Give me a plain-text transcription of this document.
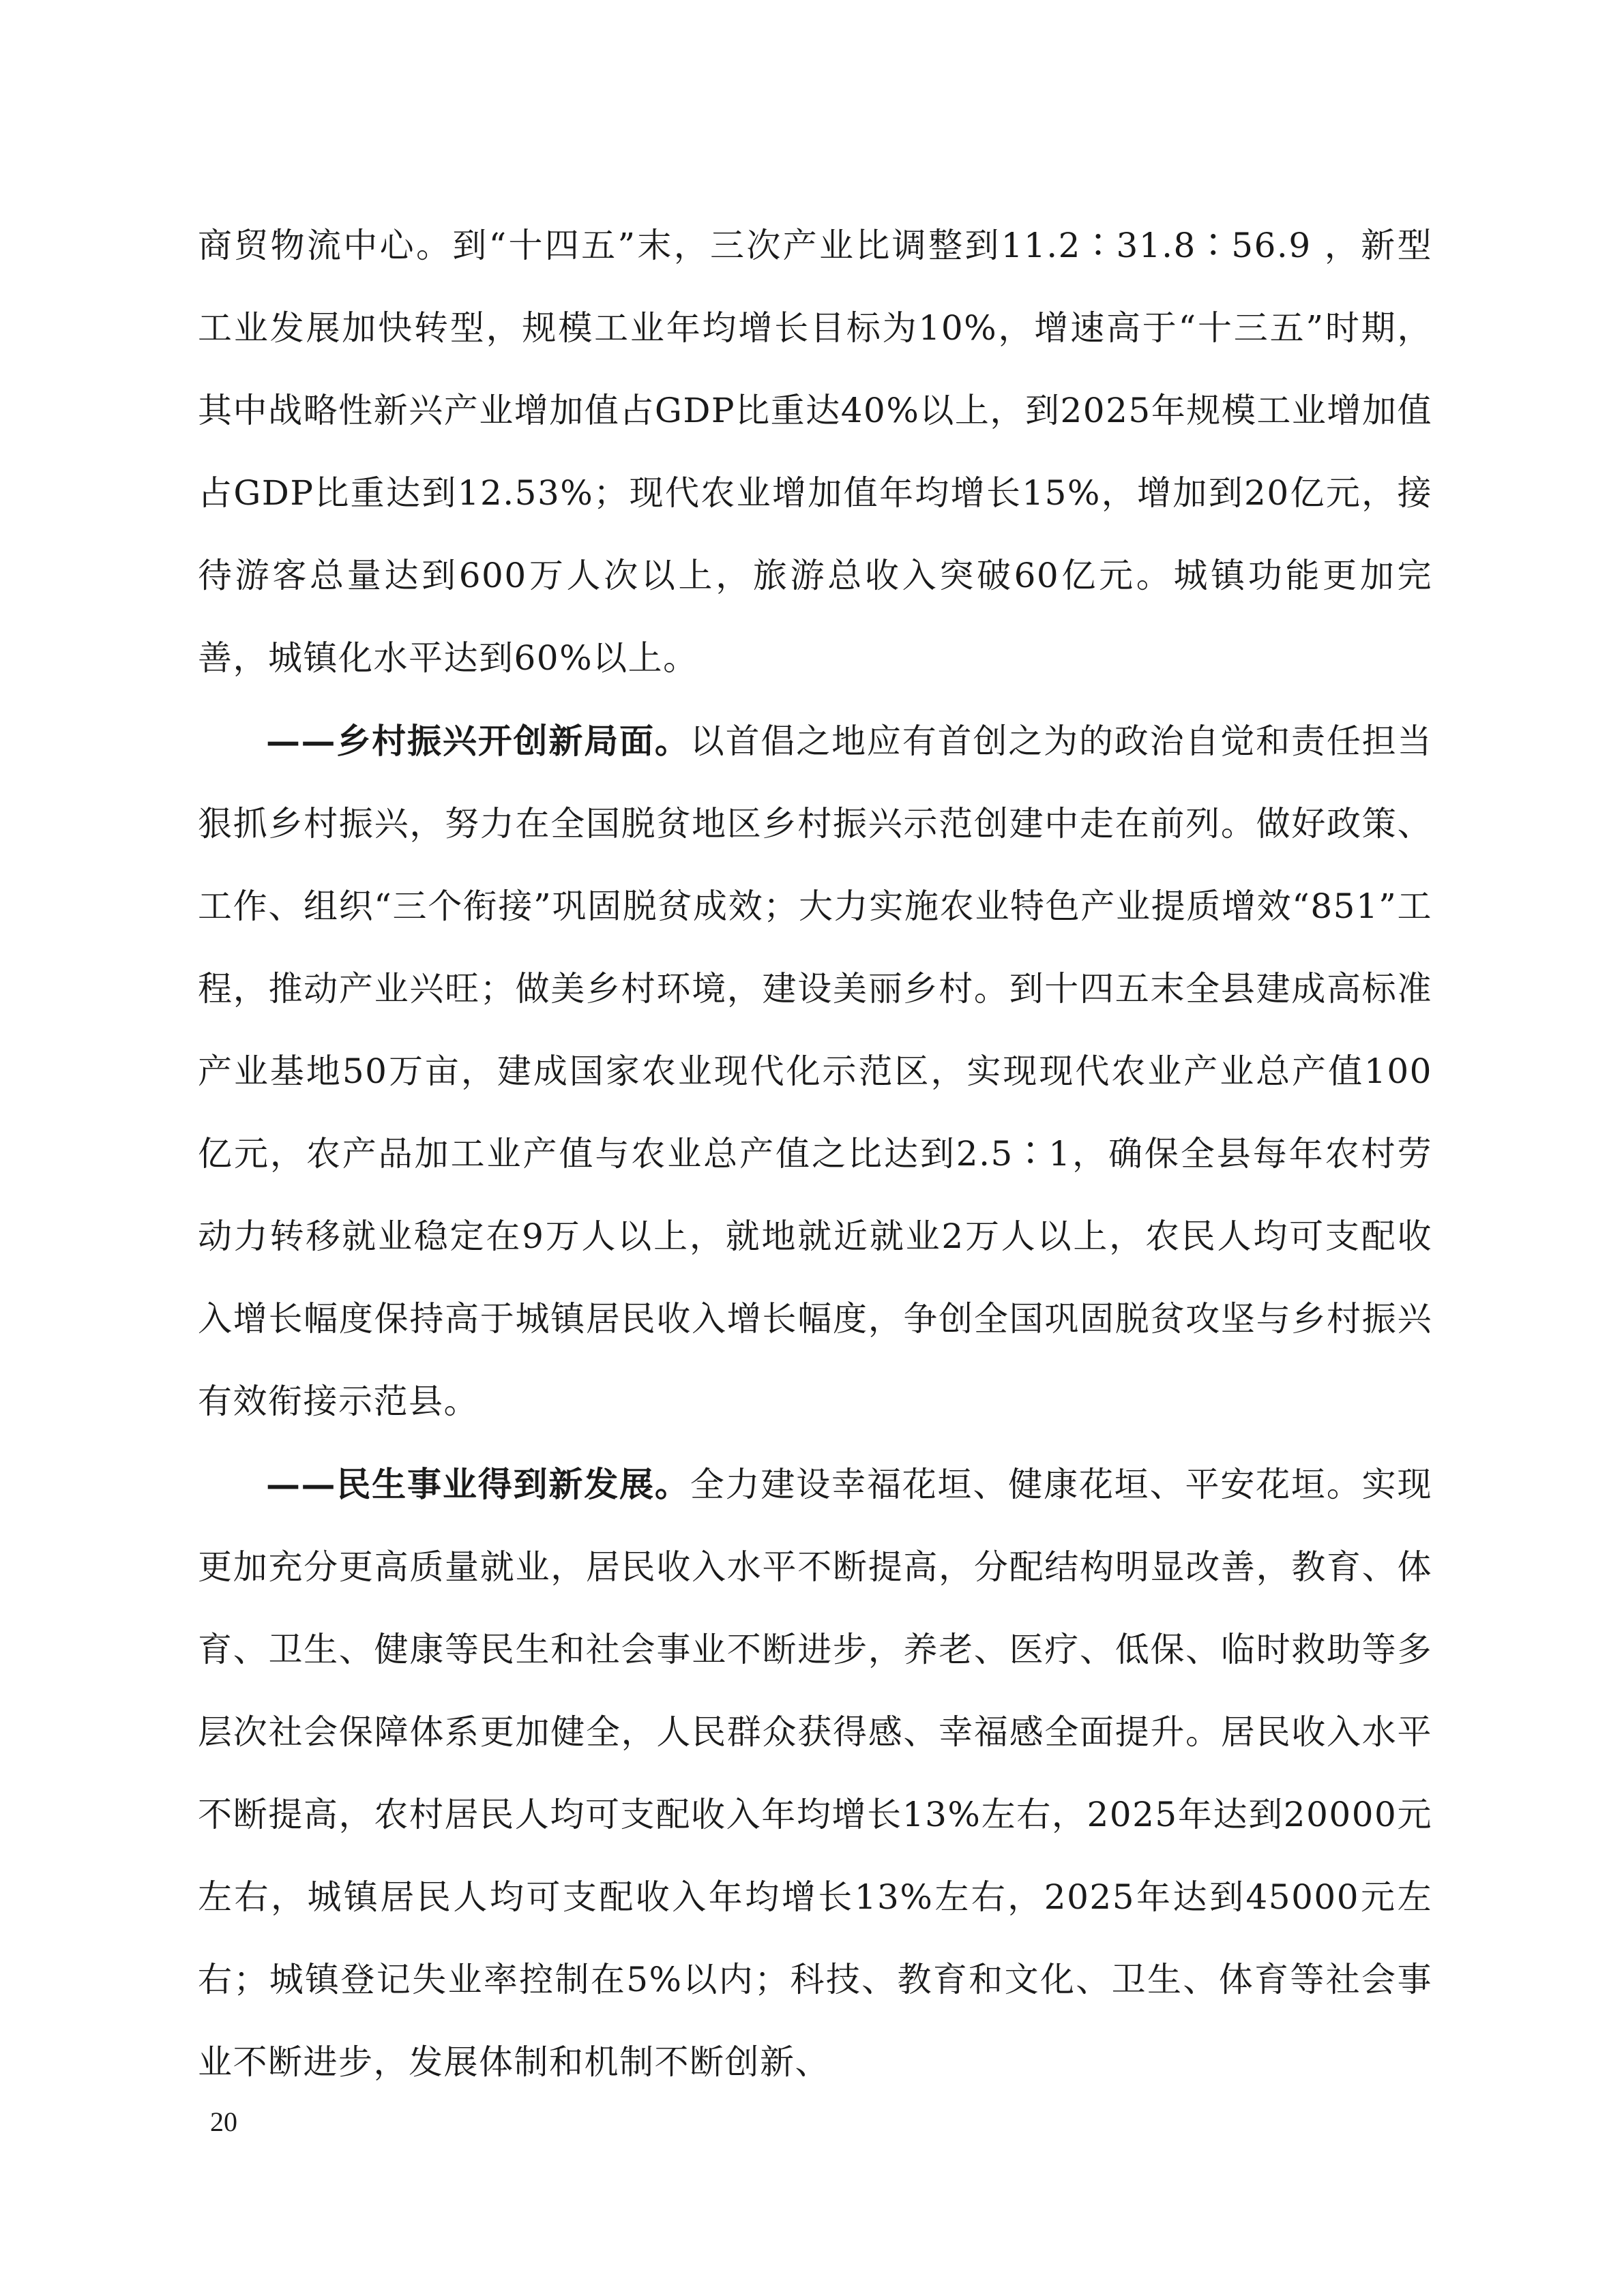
商贸物流中心。到“十四五”末，三次产业比调整到11.2∶31.8∶56.9 ，新型工业发展加快转型，规模工业年均增长目标为10%，增速高于“十三五”时期，其中战略性新兴产业增加值占GDP比重达40%以上，到2025年规模工业增加值占GDP比重达到12.53%；现代农业增加值年均增长15%，增加到20亿元，接待游客总量达到600万人次以上，旅游总收入突破60亿元。城镇功能更加完善，城镇化水平达到60%以上。

——乡村振兴开创新局面。以首倡之地应有首创之为的政治自觉和责任担当狠抓乡村振兴，努力在全国脱贫地区乡村振兴示范创建中走在前列。做好政策、工作、组织“三个衔接”巩固脱贫成效；大力实施农业特色产业提质增效“851”工程，推动产业兴旺；做美乡村环境，建设美丽乡村。到十四五末全县建成高标准产业基地50万亩，建成国家农业现代化示范区，实现现代农业产业总产值100亿元，农产品加工业产值与农业总产值之比达到2.5∶1，确保全县每年农村劳动力转移就业稳定在9万人以上，就地就近就业2万人以上，农民人均可支配收入增长幅度保持高于城镇居民收入增长幅度，争创全国巩固脱贫攻坚与乡村振兴有效衔接示范县。

——民生事业得到新发展。全力建设幸福花垣、健康花垣、平安花垣。实现更加充分更高质量就业，居民收入水平不断提高，分配结构明显改善，教育、体育、卫生、健康等民生和社会事业不断进步，养老、医疗、低保、临时救助等多层次社会保障体系更加健全，人民群众获得感、幸福感全面提升。居民收入水平不断提高，农村居民人均可支配收入年均增长13%左右，2025年达到20000元左右，城镇居民人均可支配收入年均增长13%左右，2025年达到45000元左右；城镇登记失业率控制在5%以内；科技、教育和文化、卫生、体育等社会事业不断进步，发展体制和机制不断创新、

20
